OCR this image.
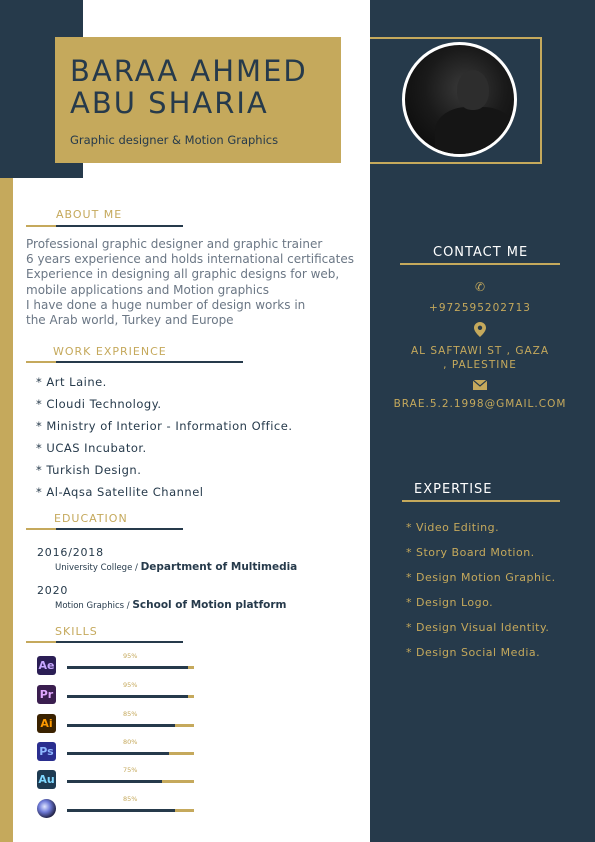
BARAA AHMED
ABU SHARIA
Graphic designer & Motion Graphics
ABOUT ME
Professional graphic designer and graphic trainer
6 years experience and holds international certificates
Experience in designing all graphic designs for web,
mobile applications and Motion graphics
I have done a huge number of design works in
the Arab world, Turkey and Europe
WORK EXPRIENCE
* Art Laine.
* Cloudi Technology.
* Ministry of Interior - Information Office.
* UCAS Incubator.
* Turkish Design.
* Al-Aqsa Satellite Channel
EDUCATION
2016/2018
University College / Department of Multimedia
2020
Motion Graphics / School of Motion platform
SKILLS
Ae
95%
Pr
95%
Ai
85%
Ps
80%
Au
75%
85%
CONTACT ME
✆
+972595202713
AL SAFTAWI ST , GAZA
, PALESTINE
BRAE.5.2.1998@GMAIL.COM
EXPERTISE
* Video Editing.
* Story Board Motion.
* Design Motion Graphic.
* Design Logo.
* Design Visual Identity.
* Design Social Media.
